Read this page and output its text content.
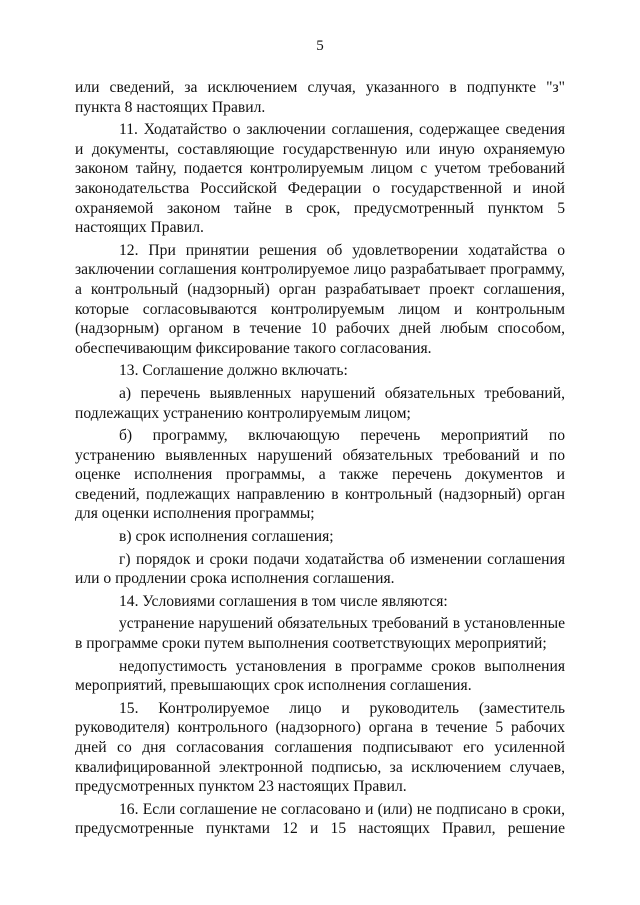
5

или сведений, за исключением случая, указанного в подпункте "з" пункта 8 настоящих Правил.

11. Ходатайство о заключении соглашения, содержащее сведения и документы, составляющие государственную или иную охраняемую законом тайну, подается контролируемым лицом с учетом требований законодательства Российской Федерации о государственной и иной охраняемой законом тайне в срок, предусмотренный пунктом 5 настоящих Правил.

12. При принятии решения об удовлетворении ходатайства о заключении соглашения контролируемое лицо разрабатывает программу, а контрольный (надзорный) орган разрабатывает проект соглашения, которые согласовываются контролируемым лицом и контрольным (надзорным) органом в течение 10 рабочих дней любым способом, обеспечивающим фиксирование такого согласования.

13. Соглашение должно включать:

а) перечень выявленных нарушений обязательных требований, подлежащих устранению контролируемым лицом;

б) программу, включающую перечень мероприятий по устранению выявленных нарушений обязательных требований и по оценке исполнения программы, а также перечень документов и сведений, подлежащих направлению в контрольный (надзорный) орган для оценки исполнения программы;

в) срок исполнения соглашения;

г) порядок и сроки подачи ходатайства об изменении соглашения или о продлении срока исполнения соглашения.

14. Условиями соглашения в том числе являются:

устранение нарушений обязательных требований в установленные в программе сроки путем выполнения соответствующих мероприятий;

недопустимость установления в программе сроков выполнения мероприятий, превышающих срок исполнения соглашения.

15. Контролируемое лицо и руководитель (заместитель руководителя) контрольного (надзорного) органа в течение 5 рабочих дней со дня согласования соглашения подписывают его усиленной квалифицированной электронной подписью, за исключением случаев, предусмотренных пунктом 23 настоящих Правил.

16. Если соглашение не согласовано и (или) не подписано в сроки, предусмотренные пунктами 12 и 15 настоящих Правил, решение
